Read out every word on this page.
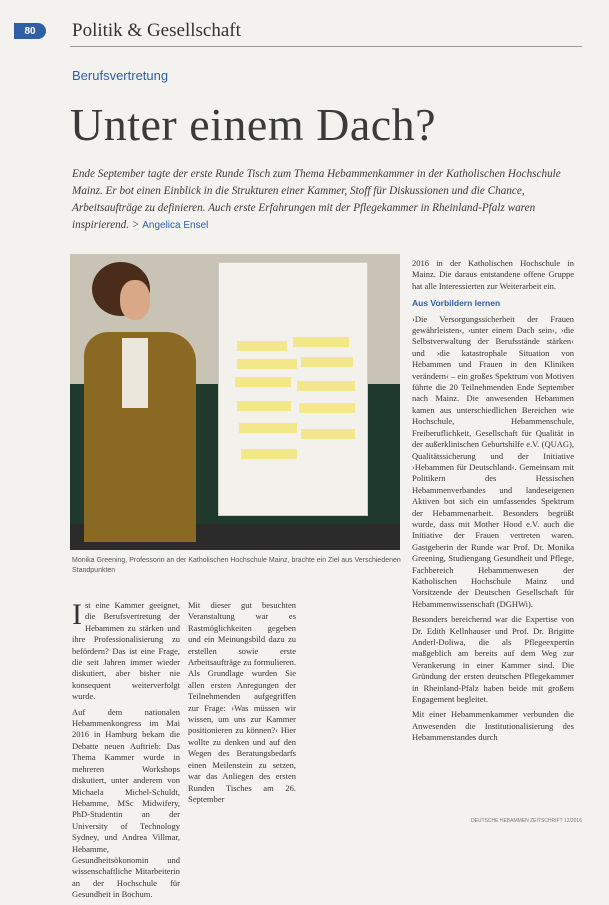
80	Politik & Gesellschaft
Berufsvertretung
Unter einem Dach?
Ende September tagte der erste Runde Tisch zum Thema Hebammenkammer in der Katholischen Hochschule Mainz. Er bot einen Einblick in die Strukturen einer Kammer, Stoff für Diskussionen und die Chance, Arbeitsaufträge zu definieren. Auch erste Erfahrungen mit der Pflegekammer in Rheinland-Pfalz waren inspirierend. > Angelica Ensel
Monika Greening, Professorin an der Katholischen Hochschule Mainz, brachte ein Ziel aus Verschiedenen Standpunkten

Ist eine Kammer geeignet, die Berufsvertretung der Hebammen zu stärken und ihre Professionalisierung zu befördern? Das ist eine Frage, die seit Jahren immer wieder diskutiert, aber bisher nie konsequent weiterverfolgt wurde.

Auf dem nationalen Hebammenkongress im Mai 2016 in Hamburg bekam die Debatte neuen Auftrieb: Das Thema Kammer wurde in mehreren Workshops diskutiert, unter anderem von Michaela Michel-Schuldt, Hebamme, MSc Midwifery, PhD-Studentin an der University of Technology Sydney, und Andrea Villmar, Hebamme, Gesundheitsökonomin und wissenschaftliche Mitarbeiterin an der Hochschule für Gesundheit in Bochum.

Mit dieser gut besuchten Veranstaltung war es Rastmöglichkeiten gegeben und ein Meinungsbild dazu zu erstellen sowie erste Arbeitsaufträge zu formulieren. Als Grundlage wurden Sie allen ersten Anregungen der Teilnehmenden aufgegriffen zur Frage: ›Was müssen wir wissen, um uns zur Kammer positionieren zu können?‹ Hier wollte zu denken und auf den Wegen des Beratungsbedarfs einen Meilenstein zu setzen, war das Anliegen des ersten Runden Tisches am 26. September

2016 in der Katholischen Hochschule in Mainz. Die daraus entstandene offene Gruppe hat alle Interessierten zur Weiterarbeit ein.

Aus Vorbildern lernen

›Die Versorgungssicherheit der Frauen gewährleisten‹, ›unter einem Dach sein‹, ›die Selbstverwaltung der Berufsstände stärken‹ und ›die katastrophale Situation von Hebammen und Frauen in den Kliniken verändern‹ – ein großes Spektrum von Motiven führte die 20 Teilnehmenden Ende September nach Mainz. Die anwesenden Hebammen kamen aus unterschiedlichen Bereichen wie Hochschule, Hebammenschule, Freiberuflichkeit, Gesellschaft für Qualität in der außerklinischen Geburtshilfe e.V. (QUAG), Qualitätssicherung und der Initiative ›Hebammen für Deutschland‹. Gemeinsam mit Politikern des Hessischen Hebammenverbandes und landeseigenen Aktiven bot sich ein umfassendes Spektrum der Hebammenarbeit. Besonders begrüßt wurde, dass mit Mother Hood e.V. auch die Initiative der Frauen vertreten waren. Gastgeberin der Runde war Prof. Dr. Monika Greening, Studiengang Gesundheit und Pflege, Fachbereich Hebammenwesen der Katholischen Hochschule Mainz und Vorsitzende der Deutschen Gesellschaft für Hebammenwissenschaft (DGHWi).

Besonders bereichernd war die Expertise von Dr. Edith Kellnhauser und Prof. Dr. Brigitte Anderl-Doliwa, die als Pflegeexpertin maßgeblich am bereits auf dem Weg zur Verankerung in einer Kammer sind. Die Gründung der ersten deutschen Pflegekammer in Rheinland-Pfalz haben beide mit großem Engagement begleitet.

Mit einer Hebammenkammer verbunden die Anwesenden die Institutionalisierung des Hebammenstandes durch

DEUTSCHE HEBAMMEN ZEITSCHRIFT 12/2016
